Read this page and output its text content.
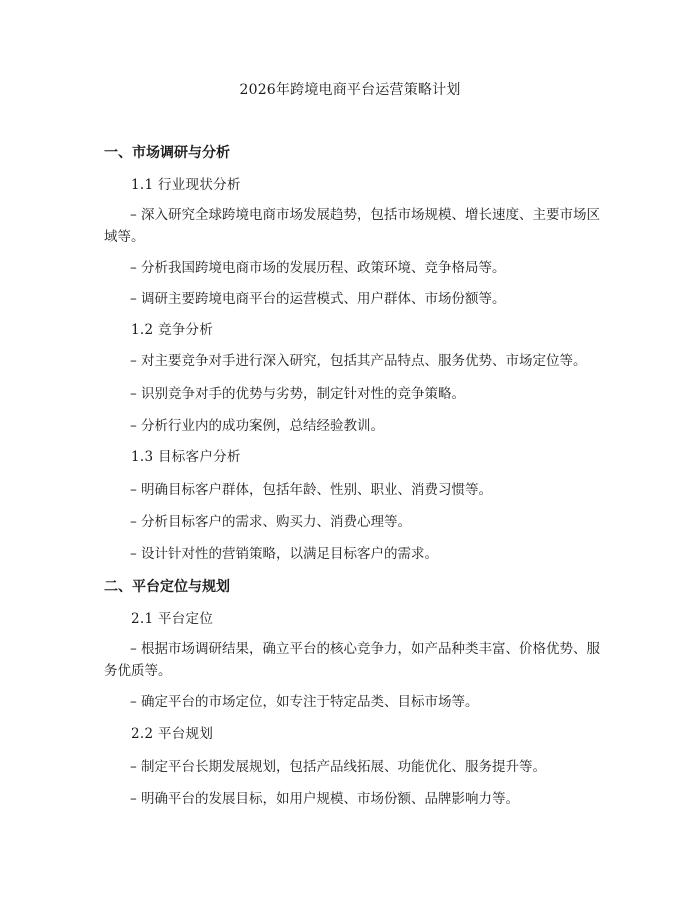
2026年跨境电商平台运营策略计划
一、市场调研与分析
1.1 行业现状分析
– 深入研究全球跨境电商市场发展趋势，包括市场规模、增长速度、主要市场区域等。
– 分析我国跨境电商市场的发展历程、政策环境、竞争格局等。
– 调研主要跨境电商平台的运营模式、用户群体、市场份额等。
1.2 竞争分析
– 对主要竞争对手进行深入研究，包括其产品特点、服务优势、市场定位等。
– 识别竞争对手的优势与劣势，制定针对性的竞争策略。
– 分析行业内的成功案例，总结经验教训。
1.3 目标客户分析
– 明确目标客户群体，包括年龄、性别、职业、消费习惯等。
– 分析目标客户的需求、购买力、消费心理等。
– 设计针对性的营销策略，以满足目标客户的需求。
二、平台定位与规划
2.1 平台定位
– 根据市场调研结果，确立平台的核心竞争力，如产品种类丰富、价格优势、服务优质等。
– 确定平台的市场定位，如专注于特定品类、目标市场等。
2.2 平台规划
– 制定平台长期发展规划，包括产品线拓展、功能优化、服务提升等。
– 明确平台的发展目标，如用户规模、市场份额、品牌影响力等。
